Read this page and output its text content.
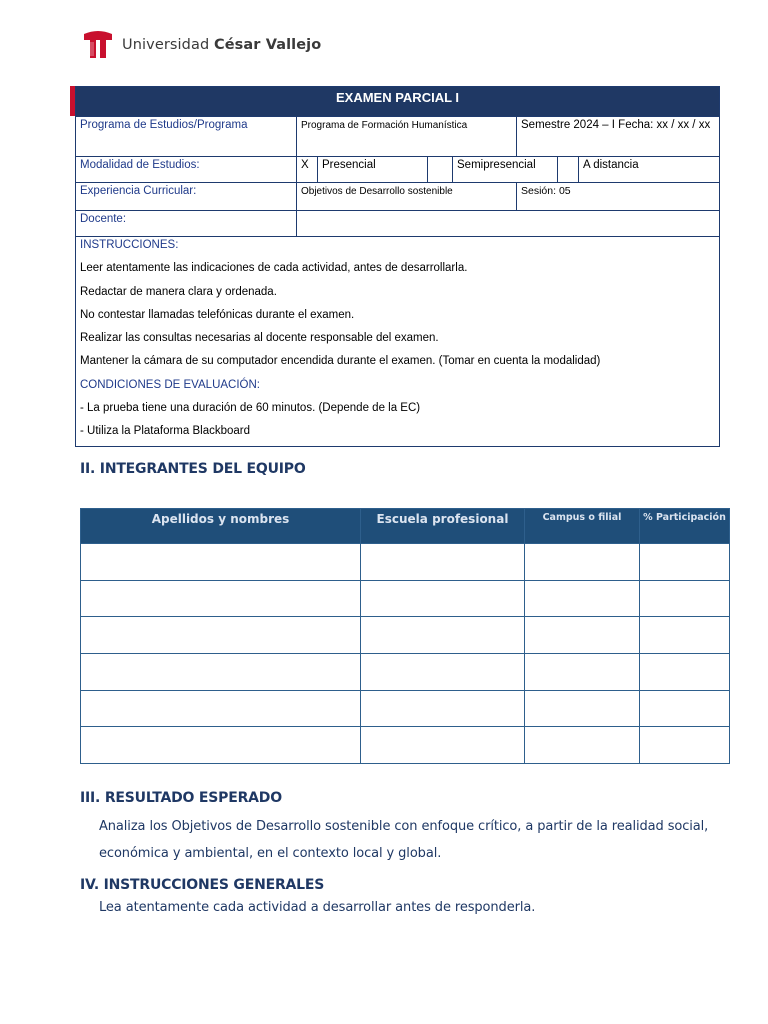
Universidad César Vallejo
EXAMEN PARCIAL I
Programa de Estudios/Programa	Programa de Formación Humanística	Semestre 2024 – I Fecha: xx / xx / xx
Modalidad de Estudios:	X	Presencial	Semipresencial	A distancia
Experiencia Curricular:	Objetivos de Desarrollo sostenible	Sesión: 05
Docente:

INSTRUCCIONES:

Leer atentamente las indicaciones de cada actividad, antes de desarrollarla.

Redactar de manera clara y ordenada.

No contestar llamadas telefónicas durante el examen.

Realizar las consultas necesarias al docente responsable del examen.

Mantener la cámara de su computador encendida durante el examen. (Tomar en cuenta la modalidad)

CONDICIONES DE EVALUACIÓN:

- La prueba tiene una duración de 60 minutos. (Depende de la EC)

- Utiliza la Plataforma Blackboard

II. INTEGRANTES DEL EQUIPO
Apellidos y nombres	Escuela profesional	Campus o filial	% Participación

III. RESULTADO ESPERADO
Analiza los Objetivos de Desarrollo sostenible con enfoque crítico, a partir de la realidad social,
económica y ambiental, en el contexto local y global.
IV. INSTRUCCIONES GENERALES
Lea atentamente cada actividad a desarrollar antes de responderla.
